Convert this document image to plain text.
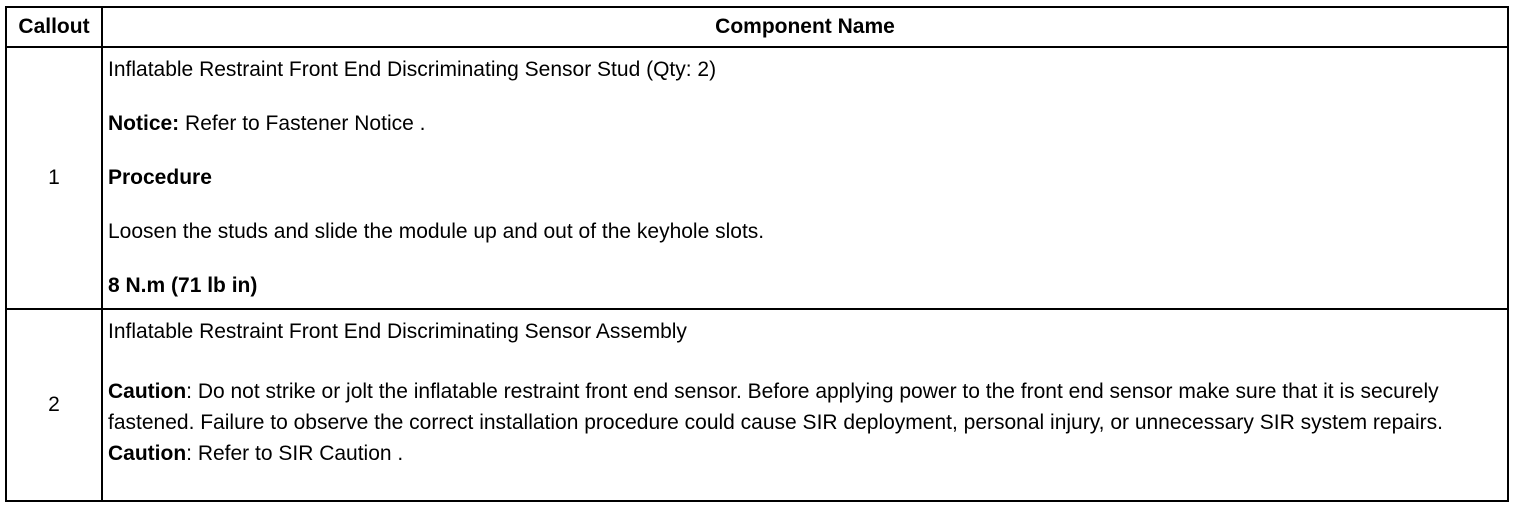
Callout	Component Name
1	Inflatable Restraint Front End Discriminating Sensor Stud (Qty: 2)
Notice: Refer to Fastener Notice .
Procedure
Loosen the studs and slide the module up and out of the keyhole slots.
8 N.m (71 lb in)

2	Inflatable Restraint Front End Discriminating Sensor Assembly
Caution: Do not strike or jolt the inflatable restraint front end sensor. Before applying power to the front end sensor make sure that it is securely fastened. Failure to observe the correct installation procedure could cause SIR deployment, personal injury, or unnecessary SIR system repairs.
Caution: Refer to SIR Caution .
